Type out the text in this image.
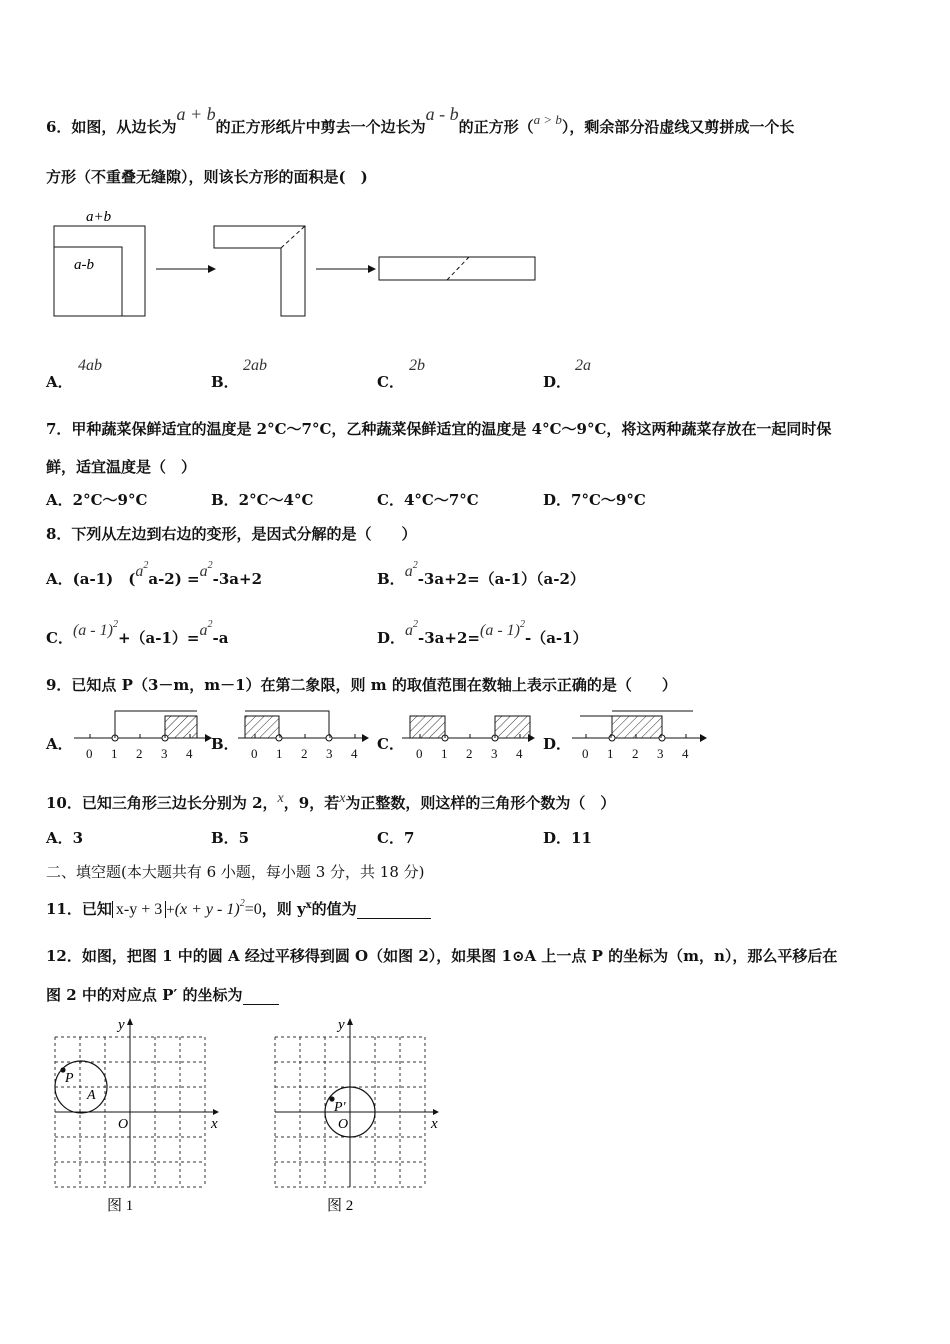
6．如图，从边长为a + b的正方形纸片中剪去一个边长为a - b的正方形（a > b），剩余部分沿虚线又剪拼成一个长
方形（不重叠无缝隙），则该长方形的面积是(　)
a+b
a-b
A．
4ab
B．
2ab
C．
2b
D．
2a
7．甲种蔬菜保鲜适宜的温度是 2°C～7°C，乙种蔬菜保鲜适宜的温度是 4°C～9°C，将这两种蔬菜存放在一起同时保
鲜，适宜温度是（　）
A．2°C～9°C	B．2°C～4°C	C．4°C～7°C	D．7°C～9°C
8．下列从左边到右边的变形，是因式分解的是（　　）
A．(a-1)　 $(a^2a-2) =a^2-3a+2$	B．$a^2-3a+2=(a-1)(a-2)$
C．$(a - 1)^2+(a-1)=a^2-a$	D．$a^2-3a+2=(a - 1)^2-(a-1)$
9．已知点 P（3－m，m－1）在第二象限，则 m 的取值范围在数轴上表示正确的是（　　）
A．	B．	C．	D．
0 1 2 3 4	0 1 2 3 4	0 1 2 3 4	0 1 2 3 4
10．已知三角形三边长分别为 2，x，9，若x为正整数，则这样的三角形个数为（　）
A．3	B．5	C．7	D．11
二、填空题(本大题共有 6 小题，每小题 3 分，共 18 分)
11．已知 $x-y + 3 +(x + y - 1)^2=0$，则 $y^x$的值为
12．如图，把图 1 中的圆 A 经过平移得到圆 O（如图 2），如果图 1⊙A 上一点 P 的坐标为（m，n），那么平移后在
图 2 中的对应点 P′ 的坐标为
x
y
O
P
A
图 1
x
y
O
P′
图 2
